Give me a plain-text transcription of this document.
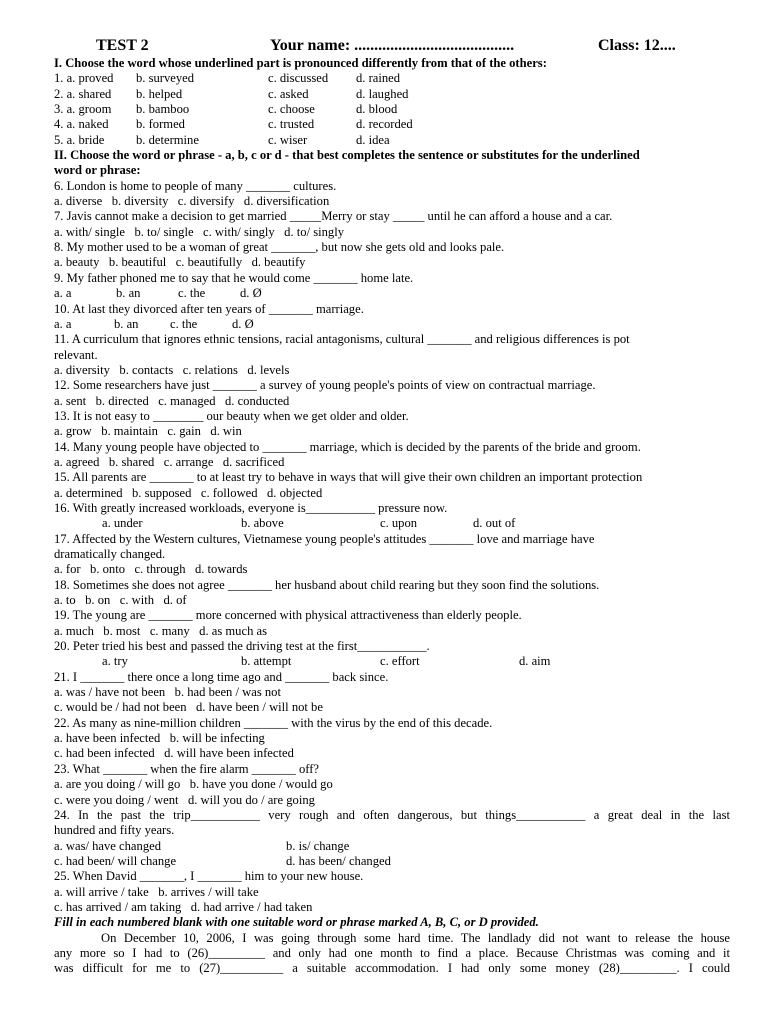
TEST 2	Your name: ........................................	Class: 12....
I. Choose the word whose underlined part is pronounced differently from that of the others:
1. a. proved	b. surveyed	c. discussed	d. rained
2. a. shared	b. helped	c. asked	d. laughed
3. a. groom	b. bamboo	c. choose	d. blood
4. a. naked	b. formed	c. trusted	d. recorded
5. a. bride	b. determine	c. wiser	d. idea
II. Choose the word or phrase - a, b, c or d - that best completes the sentence or substitutes for the underlined
word or phrase:
6. London is home to people of many _______ cultures.
a. diverse   b. diversity   c. diversify   d. diversification
7. Javis cannot make a decision to get married _____Merry or stay _____ until he can afford a house and a car.
a. with/ single   b. to/ single   c. with/ singly   d. to/ singly
8. My mother used to be a woman of great _______, but now she gets old and looks pale.
a. beauty   b. beautiful   c. beautifully   d. beautify
9. My father phoned me to say that he would come _______ home late.
a. a	b. an	c. the	d. Ø
10. At last they divorced after ten years of _______ marriage.
a. a	b. an	c. the	d. Ø
11. A curriculum that ignores ethnic tensions, racial antagonisms, cultural _______ and religious differences is pot
relevant.
a. diversity   b. contacts   c. relations   d. levels
12. Some researchers have just _______ a survey of young people's points of view on contractual marriage.
a. sent   b. directed   c. managed   d. conducted
13. It is not easy to ________ our beauty when we get older and older.
a. grow   b. maintain   c. gain   d. win
14. Many young people have objected to _______ marriage, which is decided by the parents of the bride and groom.
a. agreed   b. shared   c. arrange   d. sacrificed
15. All parents are _______ to at least try to behave in ways that will give their own children an important protection
a. determined   b. supposed   c. followed   d. objected
16. With greatly increased workloads, everyone is___________ pressure now.
a. under	b. above	c. upon	d. out of
17. Affected by the Western cultures, Vietnamese young people's attitudes _______ love and marriage have
dramatically changed.
a. for   b. onto   c. through   d. towards
18. Sometimes she does not agree _______ her husband about child rearing but they soon find the solutions.
a. to   b. on   c. with   d. of
19. The young are _______ more concerned with physical attractiveness than elderly people.
a. much   b. most   c. many   d. as much as
20. Peter tried his best and passed the driving test at the first___________.
a. try	b. attempt	c. effort	d. aim
21. I _______ there once a long time ago and _______ back since.
a. was / have not been   b. had been / was not
c. would be / had not been   d. have been / will not be
22. As many as nine-million children _______ with the virus by the end of this decade.
a. have been infected   b. will be infecting
c. had been infected   d. will have been infected
23. What _______ when the fire alarm _______ off?
a. are you doing / will go   b. have you done / would go
c. were you doing / went   d. will you do / are going
24. In the past the trip___________ very rough and often dangerous, but things___________ a great deal in the last
hundred and fifty years.
a. was/ have changed	b. is/ change
c. had been/ will change	d. has been/ changed
25. When David _______, I _______ him to your new house.
a. will arrive / take   b. arrives / will take
c. has arrived / am taking   d. had arrive / had taken
Fill in each numbered blank with one suitable word or phrase marked A, B, C, or D provided.
On December 10, 2006, I was going through some hard time. The landlady did not want to release the house
any more so I had to (26)_________ and only had one month to find a place. Because Christmas was coming and it
was difficult for me to (27)__________ a suitable accommodation. I had only some money (28)_________. I could
